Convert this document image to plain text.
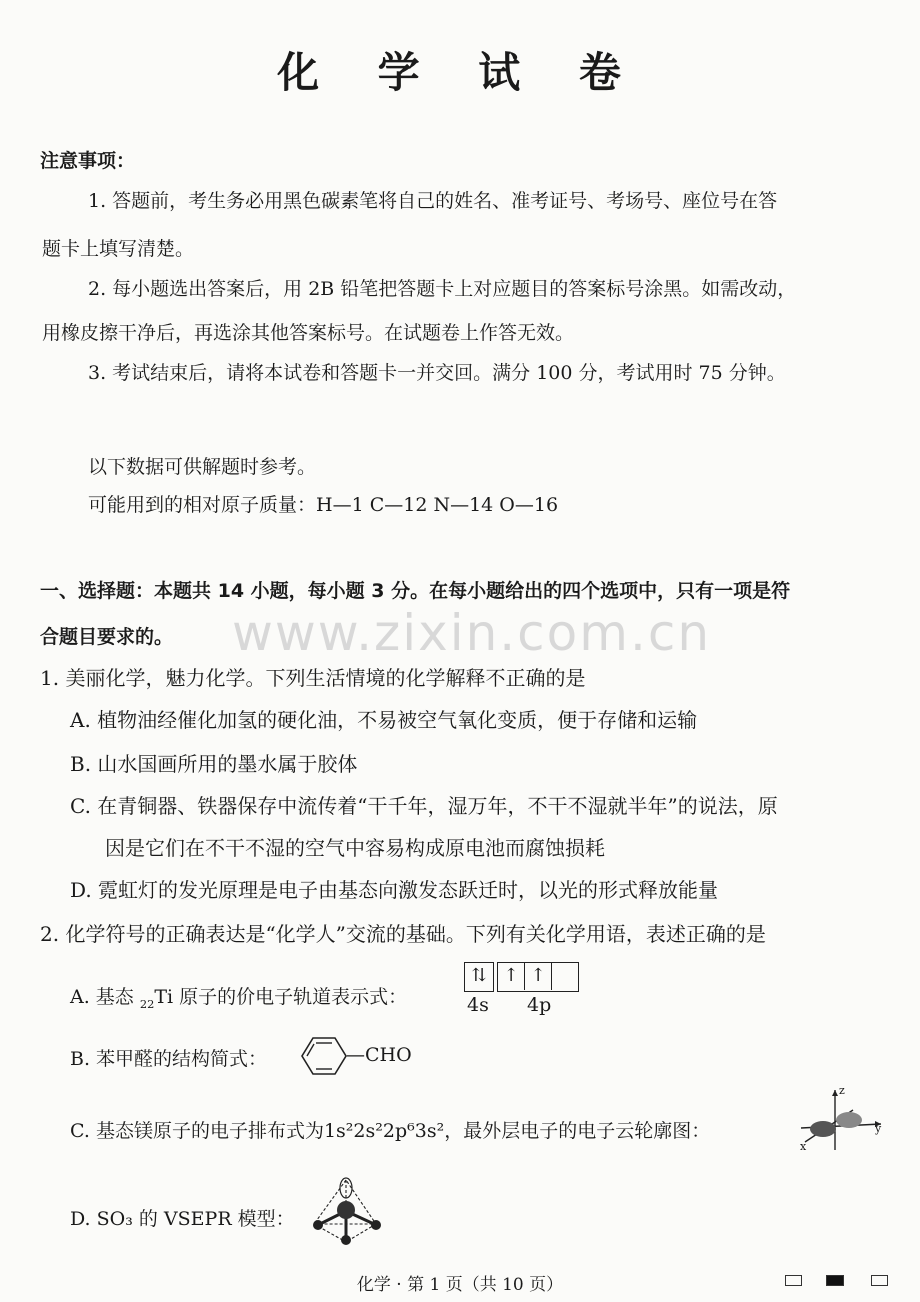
化 学 试 卷
注意事项：
1. 答题前，考生务必用黑色碳素笔将自己的姓名、准考证号、考场号、座位号在答
题卡上填写清楚。
2. 每小题选出答案后，用 2B 铅笔把答题卡上对应题目的答案标号涂黑。如需改动，
用橡皮擦干净后，再选涂其他答案标号。在试题卷上作答无效。
3. 考试结束后，请将本试卷和答题卡一并交回。满分 100 分，考试用时 75 分钟。
以下数据可供解题时参考。
可能用到的相对原子质量：H—1 C—12 N—14 O—16
www.zixin.com.cn
一、选择题：本题共 14 小题，每小题 3 分。在每小题给出的四个选项中，只有一项是符
合题目要求的。
1. 美丽化学，魅力化学。下列生活情境的化学解释不正确的是
A. 植物油经催化加氢的硬化油，不易被空气氧化变质，便于存储和运输
B. 山水国画所用的墨水属于胶体
C. 在青铜器、铁器保存中流传着“干千年，湿万年，不干不湿就半年”的说法，原
因是它们在不干不湿的空气中容易构成原电池而腐蚀损耗
D. 霓虹灯的发光原理是电子由基态向激发态跃迁时，以光的形式释放能量
2. 化学符号的正确表达是“化学人”交流的基础。下列有关化学用语，表述正确的是
A. 基态 $_{22}$Ti 原子的价电子轨道表示式：
⇅ ↑ ↑
4s 4p
B. 苯甲醛的结构简式：	—CHO
C. 基态镁原子的电子排布式为1s²2s²2p⁶3s²，最外层电子的电子云轮廓图：
z
y
x
D. SO₃ 的 VSEPR 模型：
化学 · 第 1 页（共 10 页）
